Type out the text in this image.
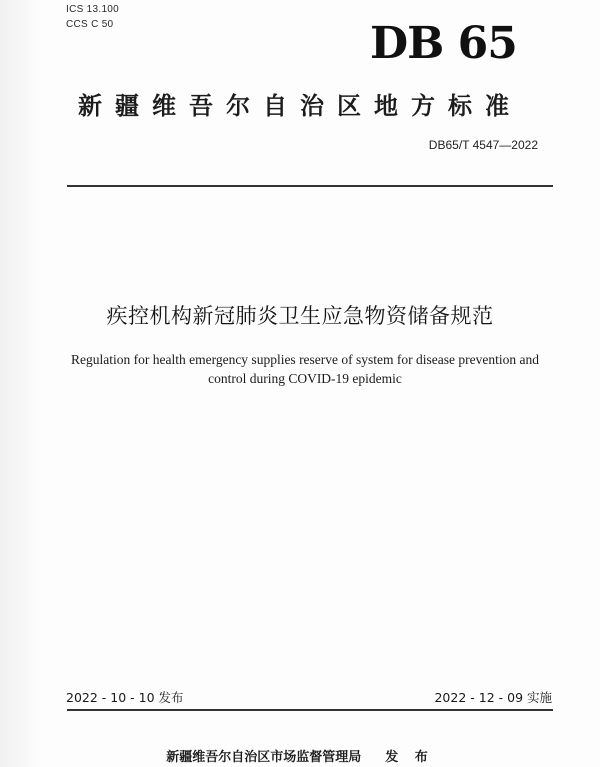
ICS 13.100
CCS C 50	DB 65
新疆维吾尔自治区地方标准
DB65/T 4547—2022
疾控机构新冠肺炎卫生应急物资储备规范
Regulation for health emergency supplies reserve of system for disease prevention and control during COVID-19 epidemic
2022 - 10 - 10 发布	2022 - 12 - 09 实施
新疆维吾尔自治区市场监督管理局 发 布
